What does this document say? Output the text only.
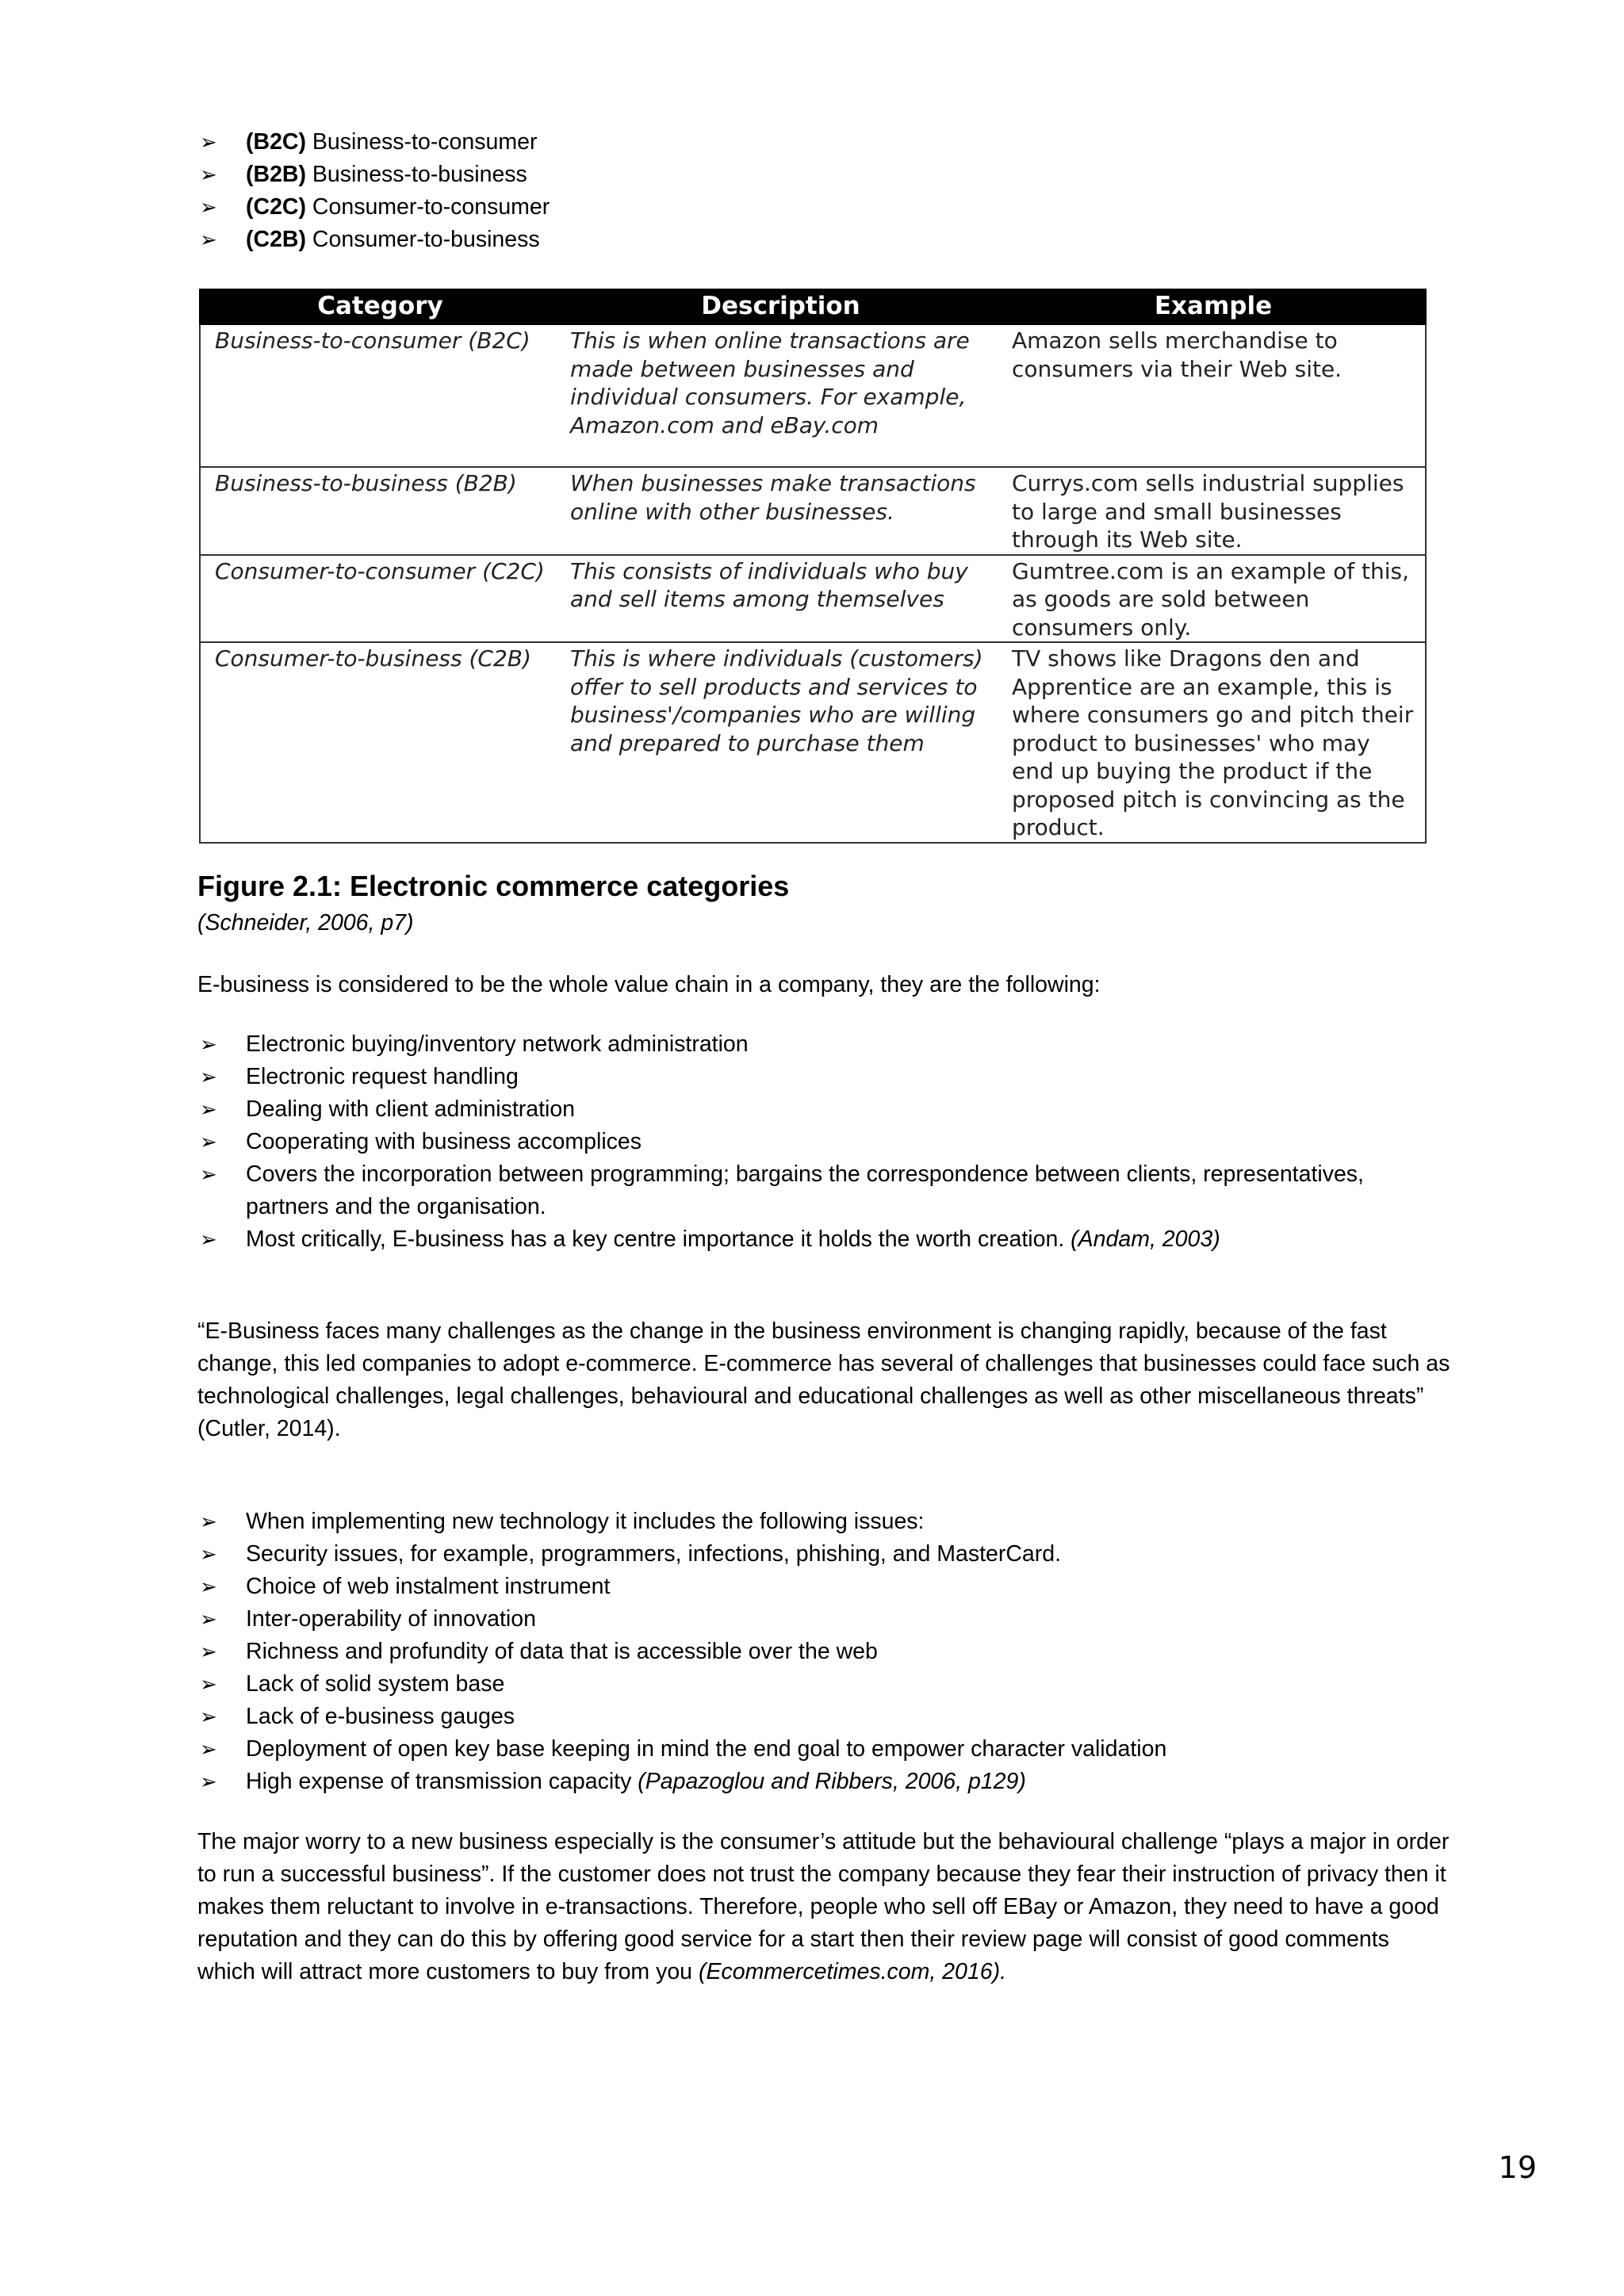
➢ (B2C) Business-to-consumer
➢ (B2B) Business-to-business
➢ (C2C) Consumer-to-consumer
➢ (C2B) Consumer-to-business
Category	Description	Example
Business-to-consumer (B2C)	This is when online transactions are made between businesses and individual consumers. For example, Amazon.com and eBay.com	Amazon sells merchandise to consumers via their Web site.
Business-to-business (B2B)	When businesses make transactions online with other businesses.	Currys.com sells industrial supplies to large and small businesses through its Web site.
Consumer-to-consumer (C2C)	This consists of individuals who buy and sell items among themselves	Gumtree.com is an example of this, as goods are sold between consumers only.
Consumer-to-business (C2B)	This is where individuals (customers) offer to sell products and services to business'/companies who are willing and prepared to purchase them	TV shows like Dragons den and Apprentice are an example, this is where consumers go and pitch their product to businesses' who may end up buying the product if the proposed pitch is convincing as the product.

Figure 2.1: Electronic commerce categories

(Schneider, 2006, p7)

E-business is considered to be the whole value chain in a company, they are the following:

➢ Electronic buying/inventory network administration
➢ Electronic request handling
➢ Dealing with client administration
➢ Cooperating with business accomplices
➢ Covers the incorporation between programming; bargains the correspondence between clients, representatives, partners and the organisation.
➢ Most critically, E-business has a key centre importance it holds the worth creation. (Andam, 2003)

“E-Business faces many challenges as the change in the business environment is changing rapidly, because of the fast change, this led companies to adopt e-commerce. E-commerce has several of challenges that businesses could face such as technological challenges, legal challenges, behavioural and educational challenges as well as other miscellaneous threats” (Cutler, 2014).

➢ When implementing new technology it includes the following issues:
➢ Security issues, for example, programmers, infections, phishing, and MasterCard.
➢ Choice of web instalment instrument
➢ Inter-operability of innovation
➢ Richness and profundity of data that is accessible over the web
➢ Lack of solid system base
➢ Lack of e-business gauges
➢ Deployment of open key base keeping in mind the end goal to empower character validation
➢ High expense of transmission capacity (Papazoglou and Ribbers, 2006, p129)

The major worry to a new business especially is the consumer’s attitude but the behavioural challenge “plays a major in order to run a successful business”. If the customer does not trust the company because they fear their instruction of privacy then it makes them reluctant to involve in e-transactions. Therefore, people who sell off EBay or Amazon, they need to have a good reputation and they can do this by offering good service for a start then their review page will consist of good comments which will attract more customers to buy from you (Ecommercetimes.com, 2016).

19
